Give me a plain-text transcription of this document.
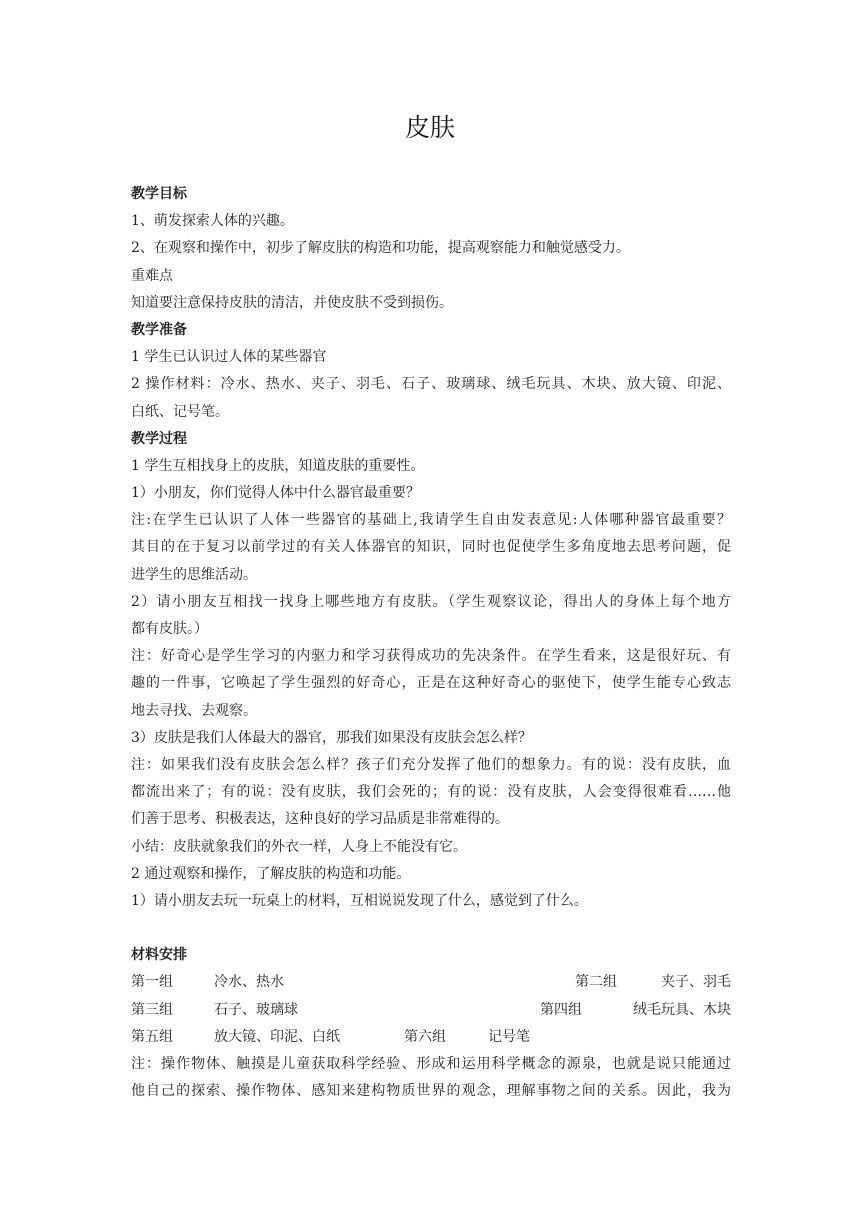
皮肤
教学目标
1、萌发探索人体的兴趣。
2、在观察和操作中，初步了解皮肤的构造和功能，提高观察能力和触觉感受力。
重难点
知道要注意保持皮肤的清洁，并使皮肤不受到损伤。
教学准备
1 学生已认识过人体的某些器官
2 操作材料：冷水、热水、夹子、羽毛、石子、玻璃球、绒毛玩具、木块、放大镜、印泥、
白纸、记号笔。
教学过程
1 学生互相找身上的皮肤，知道皮肤的重要性。
1）小朋友，你们觉得人体中什么器官最重要？
注:在学生已认识了人体一些器官的基础上,我请学生自由发表意见:人体哪种器官最重要？
其目的在于复习以前学过的有关人体器官的知识，同时也促使学生多角度地去思考问题，促
进学生的思维活动。
2）请小朋友互相找一找身上哪些地方有皮肤。（学生观察议论，得出人的身体上每个地方
都有皮肤。）
注：好奇心是学生学习的内驱力和学习获得成功的先决条件。在学生看来，这是很好玩、有
趣的一件事，它唤起了学生强烈的好奇心，正是在这种好奇心的驱使下，使学生能专心致志
地去寻找、去观察。
3）皮肤是我们人体最大的器官，那我们如果没有皮肤会怎么样？
注：如果我们没有皮肤会怎么样？孩子们充分发挥了他们的想象力。有的说：没有皮肤，血
都流出来了；有的说：没有皮肤，我们会死的；有的说：没有皮肤，人会变得很难看……他
们善于思考、积极表达，这种良好的学习品质是非常难得的。
小结：皮肤就象我们的外衣一样，人身上不能没有它。
2 通过观察和操作，了解皮肤的构造和功能。
1）请小朋友去玩一玩桌上的材料，互相说说发现了什么，感觉到了什么。
材料安排
第一组	冷水、热水	第二组	夹子、羽毛
第三组	石子、玻璃球	第四组	绒毛玩具、木块
第五组	放大镜、印泥、白纸	第六组	记号笔
注：操作物体、触摸是儿童获取科学经验、形成和运用科学概念的源泉，也就是说只能通过
他自己的探索、操作物体、感知来建构物质世界的观念，理解事物之间的关系。因此，我为
